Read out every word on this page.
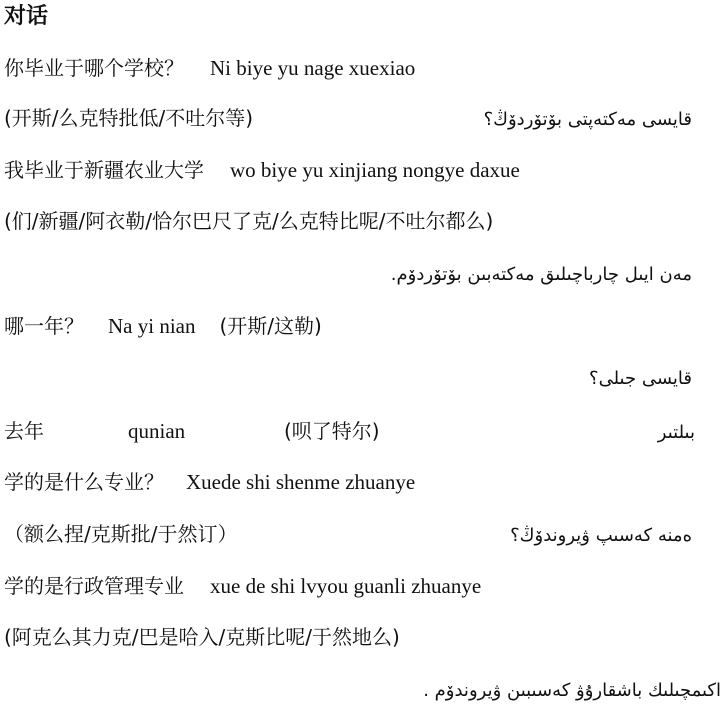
对话
你毕业于哪个学校？ Ni biye yu nage xuexiao
(开斯/么克特批低/不吐尔等)	قايسى مەكتەپتى بۆتۆردۆڭ؟
我毕业于新疆农业大学 wo biye yu xinjiang nongye daxue
(们/新疆/阿衣勒/恰尔巴尺了克/么克特比呢/不吐尔都么)
مەن ايىل چارباچىلىق مەكتەبىن بۆتۆردۆم.
哪一年？ Na yi nian (开斯/这勒)
قايسى جىلى؟
去年	qunian	(呗了特尔)	بىلتىر
学的是什么专业？ Xuede shi shenme zhuanye
（额么捏/克斯批/于然订）	ەمنە كەسىپ ۋيروندۆڭ؟
学的是行政管理专业 xue de shi lvyou guanli zhuanye
(阿克么其力克/巴是哈入/克斯比呢/于然地么)
اكىمچىلىك باشقارۇۋ كەسىبىن ۋيروندۆم .
